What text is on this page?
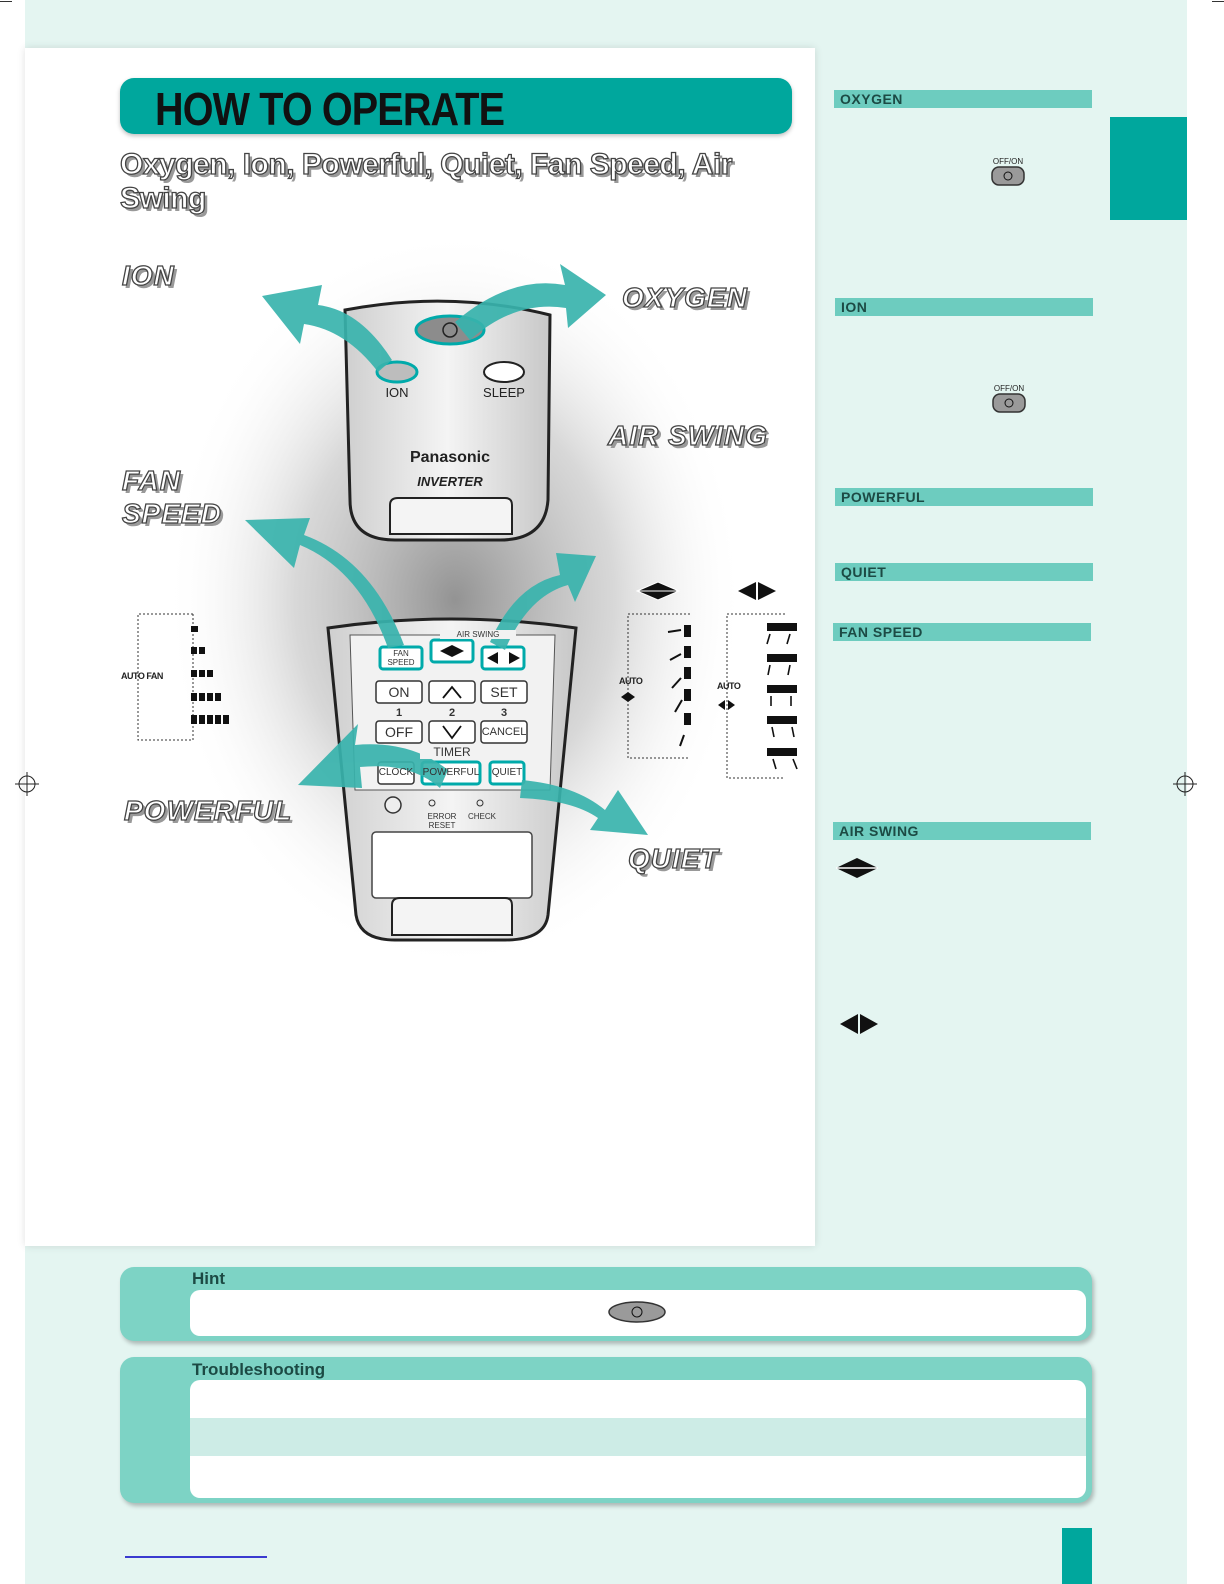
HOW TO OPERATE
Oxygen, Ion, Powerful, Quiet, Fan Speed, Air Swing
ION
OXYGEN
AIR SWING
FAN
SPEED
POWERFUL
QUIET
ION	SLEEP
Panasonic
INVERTER
FAN
SPEED
AIR SWING
ON	SET
1	2	3
OFF	CANCEL
TIMER
CLOCK POWERFUL QUIET
ERROR RESET
CHECK
AUTO FAN	AUTO	AUTO
OXYGEN
OFF/ON
ION
OFF/ON
POWERFUL
QUIET
FAN SPEED
AIR SWING
Hint
Troubleshooting
